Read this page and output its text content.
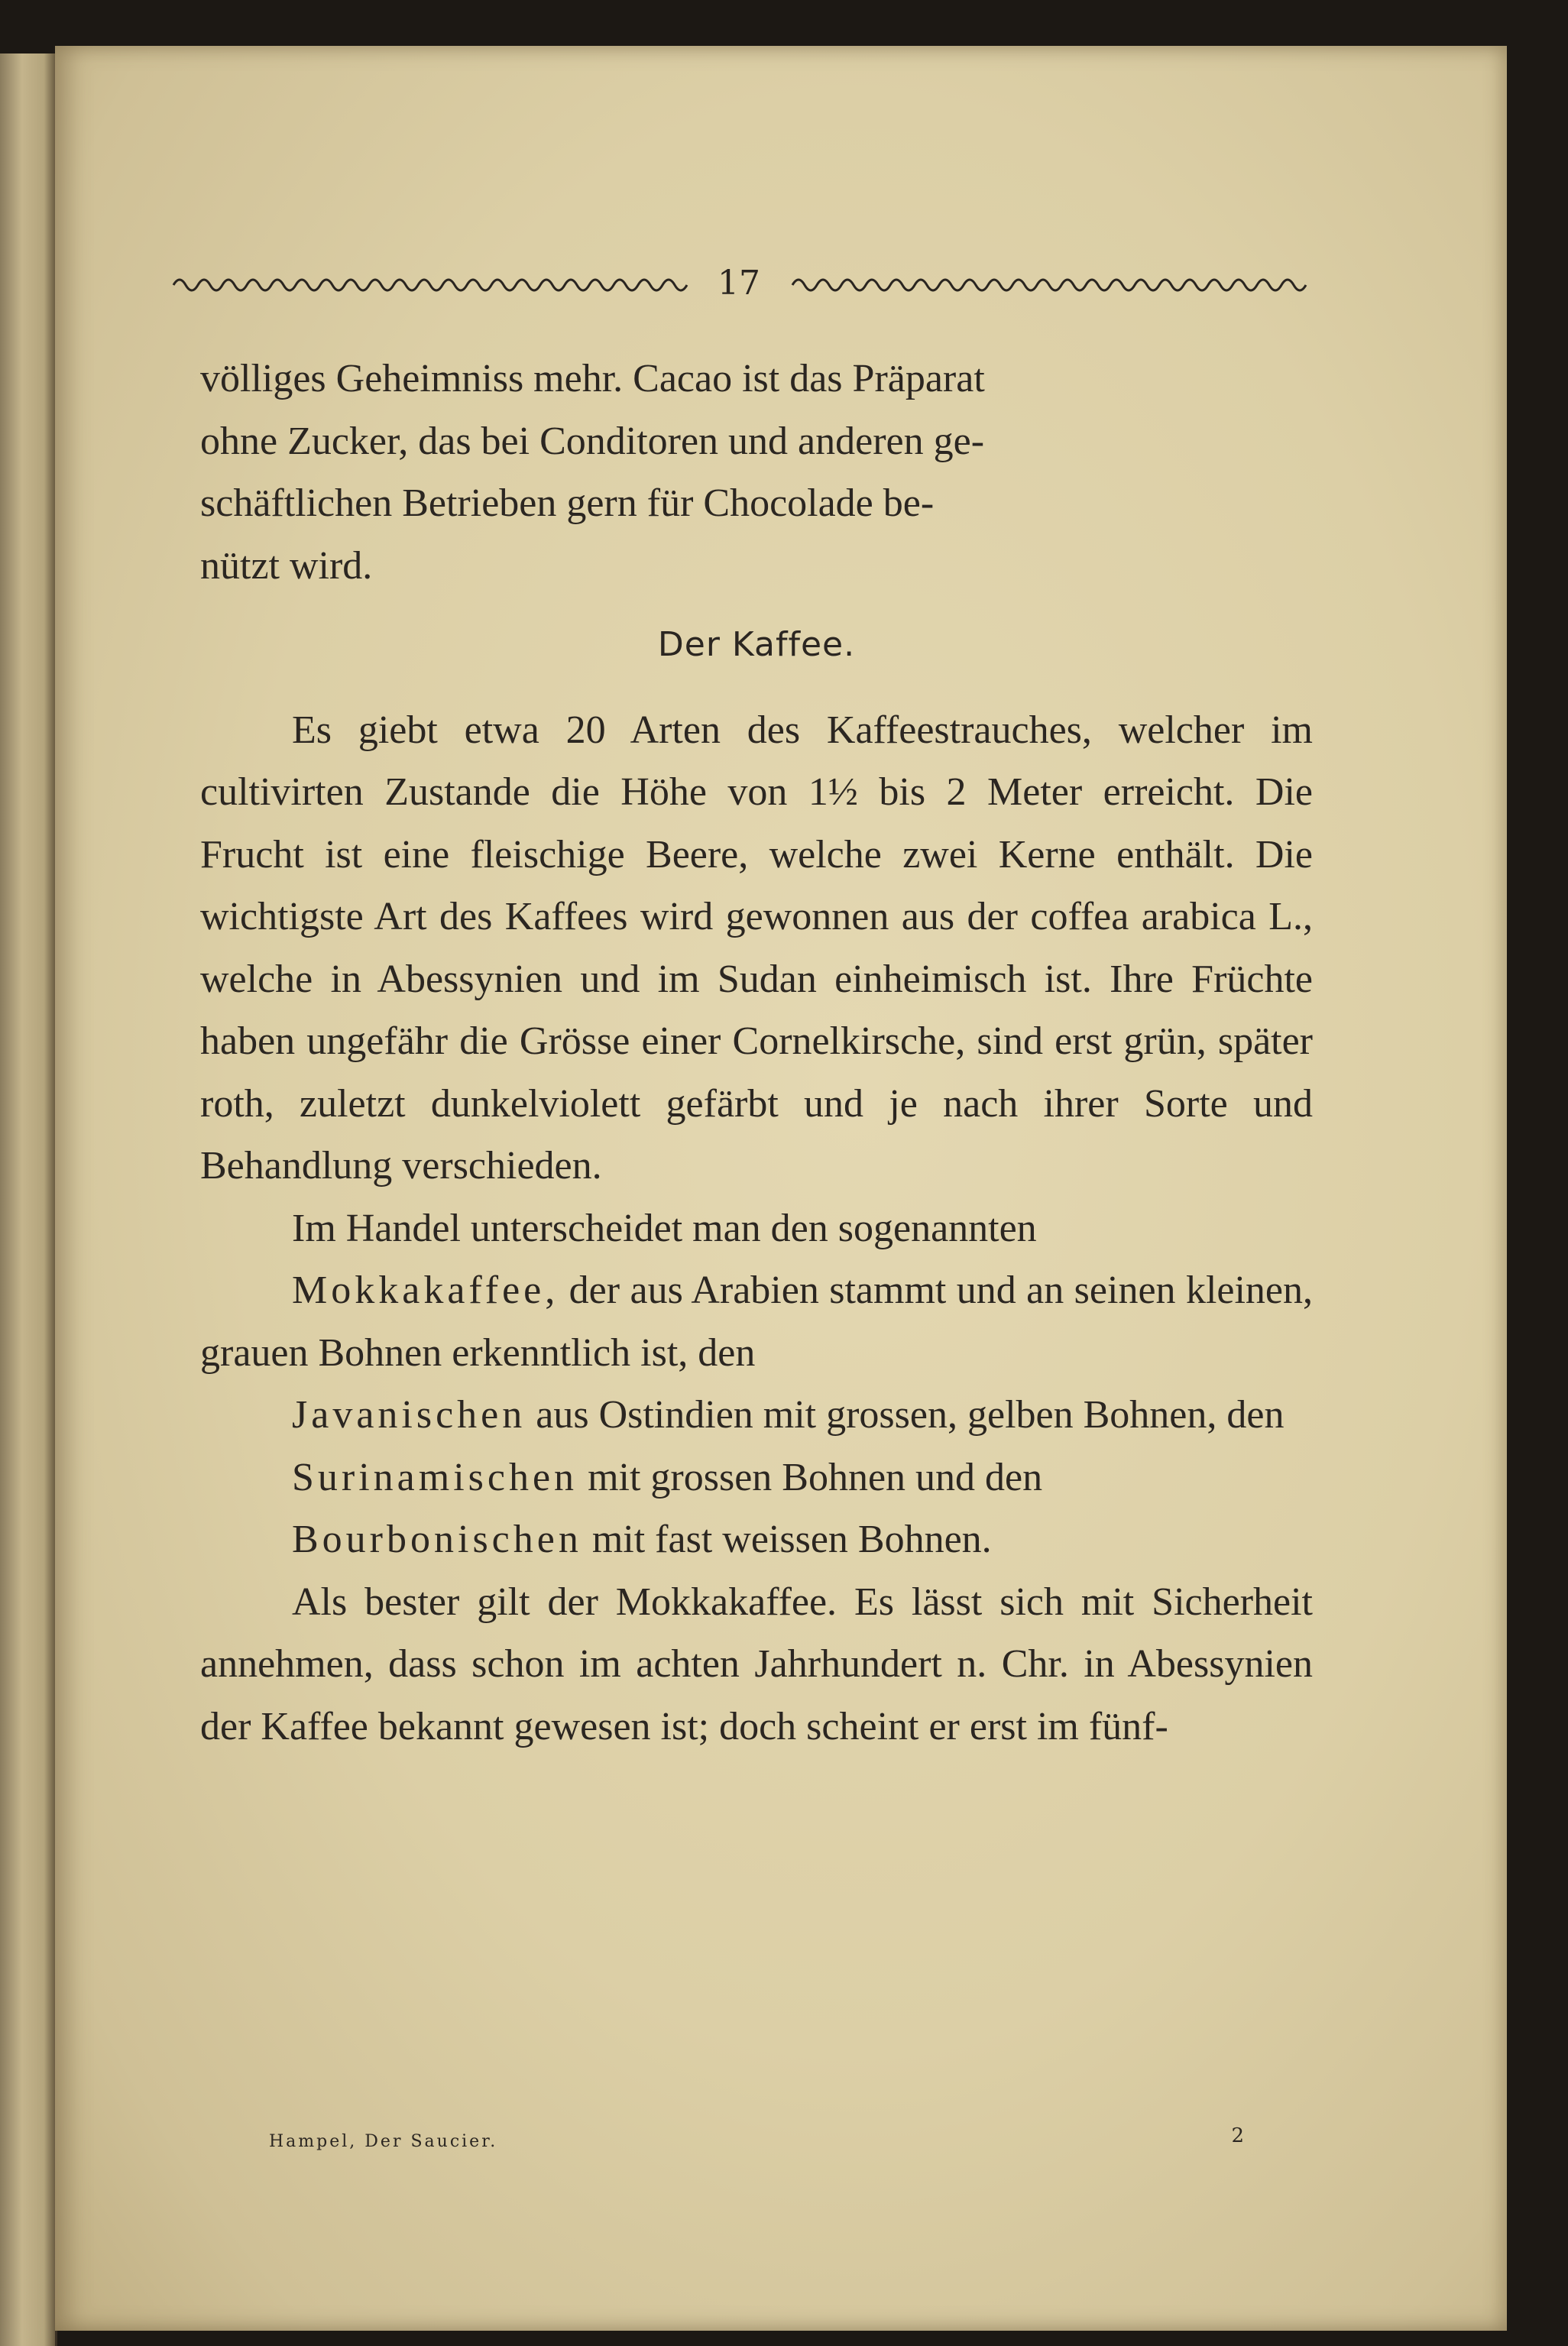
17

völliges Geheimniss mehr. Cacao ist das Präparat

ohne Zucker, das bei Conditoren und anderen ge-

schäftlichen Betrieben gern für Chocolade be-

nützt wird.

Der Kaffee.

Es giebt etwa 20 Arten des Kaffeestrauches, welcher im cultivirten Zustande die Höhe von 1½ bis 2 Meter erreicht. Die Frucht ist eine fleischige Beere, welche zwei Kerne enthält. Die wichtigste Art des Kaffees wird gewonnen aus der coffea arabica L., welche in Abessynien und im Sudan einheimisch ist. Ihre Früchte haben ungefähr die Grösse einer Cornelkirsche, sind erst grün, später roth, zuletzt dunkelviolett gefärbt und je nach ihrer Sorte und Behandlung verschieden.

Im Handel unterscheidet man den sogenannten

Mokkakaffee, der aus Arabien stammt und an seinen kleinen, grauen Bohnen erkenntlich ist, den

Javanischen aus Ostindien mit grossen, gelben Bohnen, den

Surinamischen mit grossen Bohnen und den

Bourbonischen mit fast weissen Bohnen.

Als bester gilt der Mokkakaffee. Es lässt sich mit Sicherheit annehmen, dass schon im achten Jahrhundert n. Chr. in Abessynien der Kaffee bekannt gewesen ist; doch scheint er erst im fünf-

Hampel, Der Saucier.	2
